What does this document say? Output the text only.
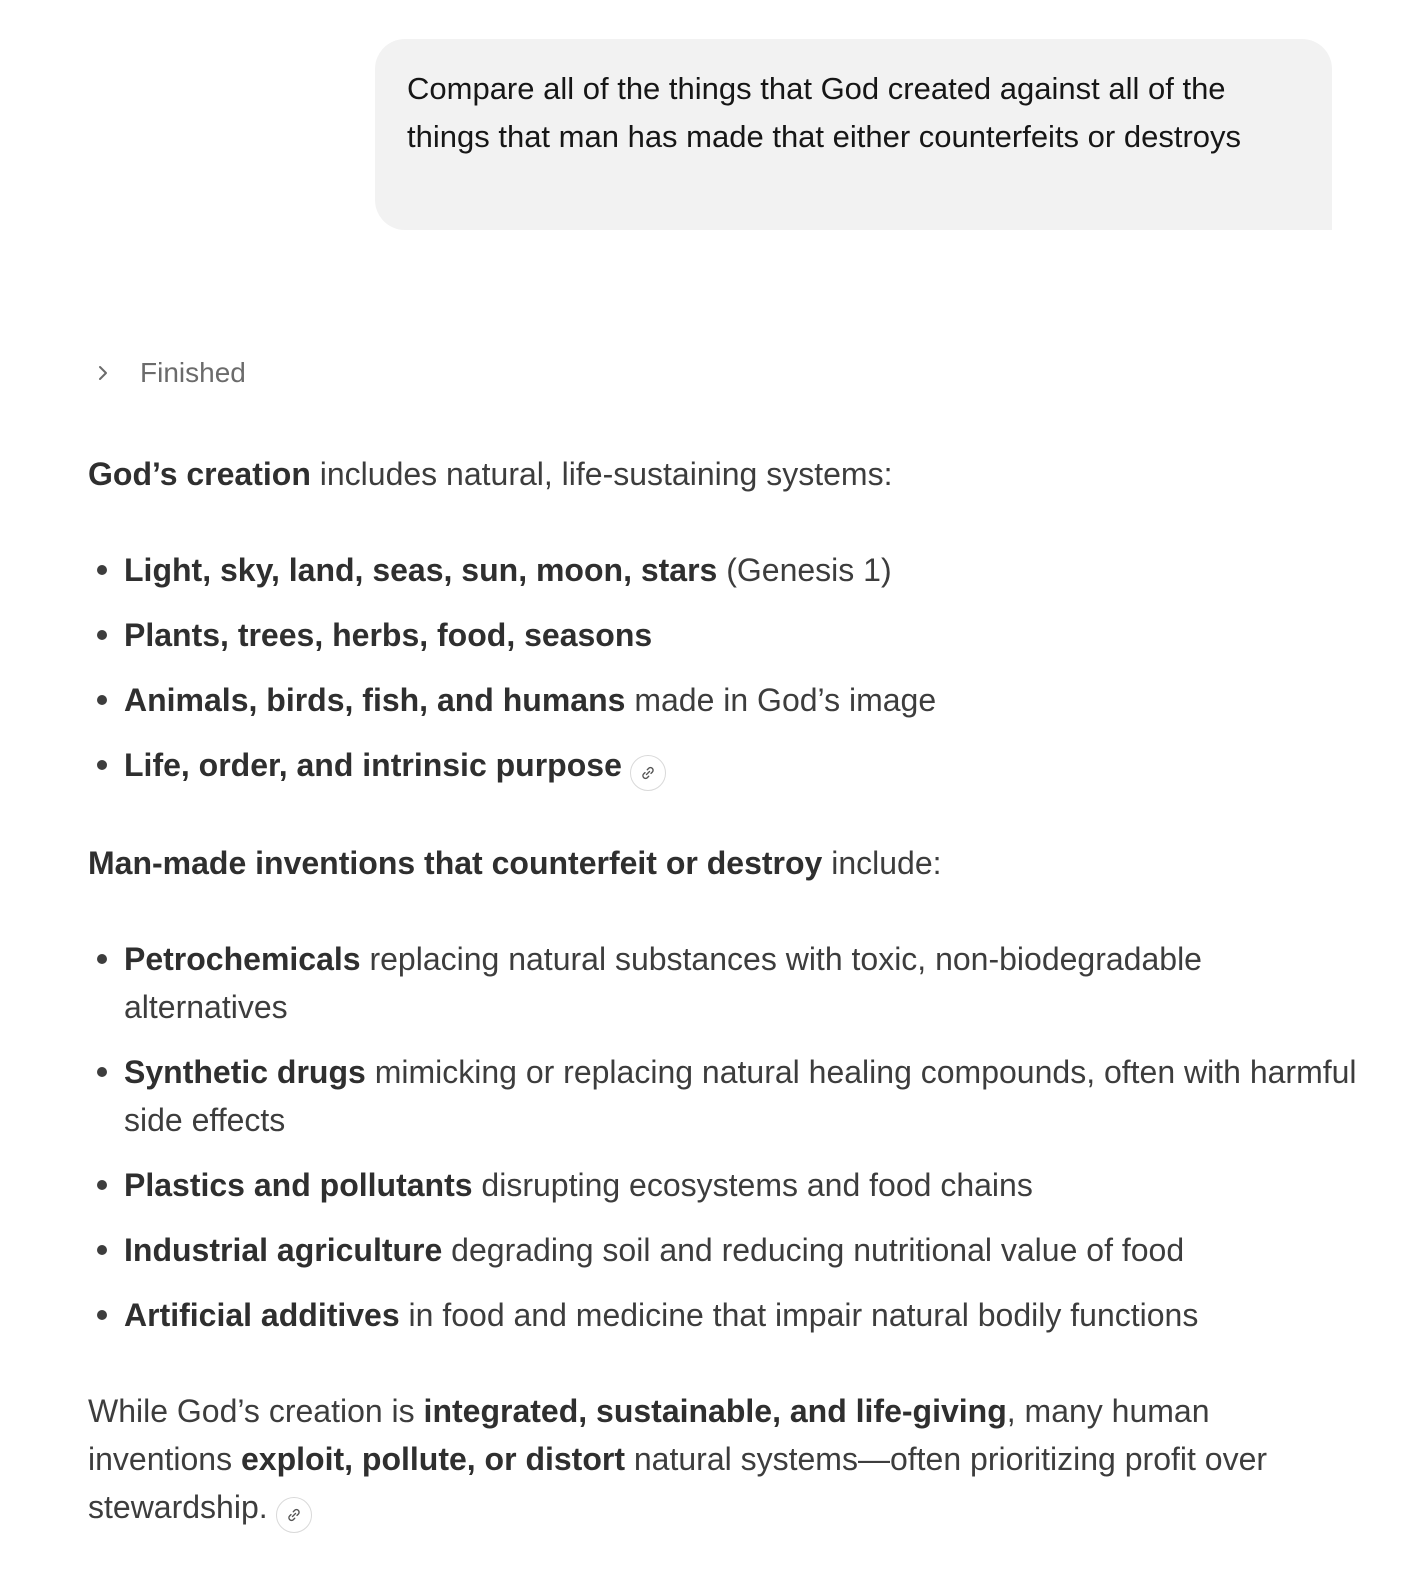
Compare all of the things that God created against all of the things that man has made that either counterfeits or destroys

Finished

God’s creation includes natural, life-sustaining systems:

Light, sky, land, seas, sun, moon, stars (Genesis 1)
Plants, trees, herbs, food, seasons
Animals, birds, fish, and humans made in God’s image
Life, order, and intrinsic purpose

Man-made inventions that counterfeit or destroy include:

Petrochemicals replacing natural substances with toxic, non-biodegradable alternatives
Synthetic drugs mimicking or replacing natural healing compounds, often with harmful side effects
Plastics and pollutants disrupting ecosystems and food chains
Industrial agriculture degrading soil and reducing nutritional value of food
Artificial additives in food and medicine that impair natural bodily functions

While God’s creation is integrated, sustainable, and life-giving, many human inventions exploit, pollute, or distort natural systems—often prioritizing profit over stewardship.
